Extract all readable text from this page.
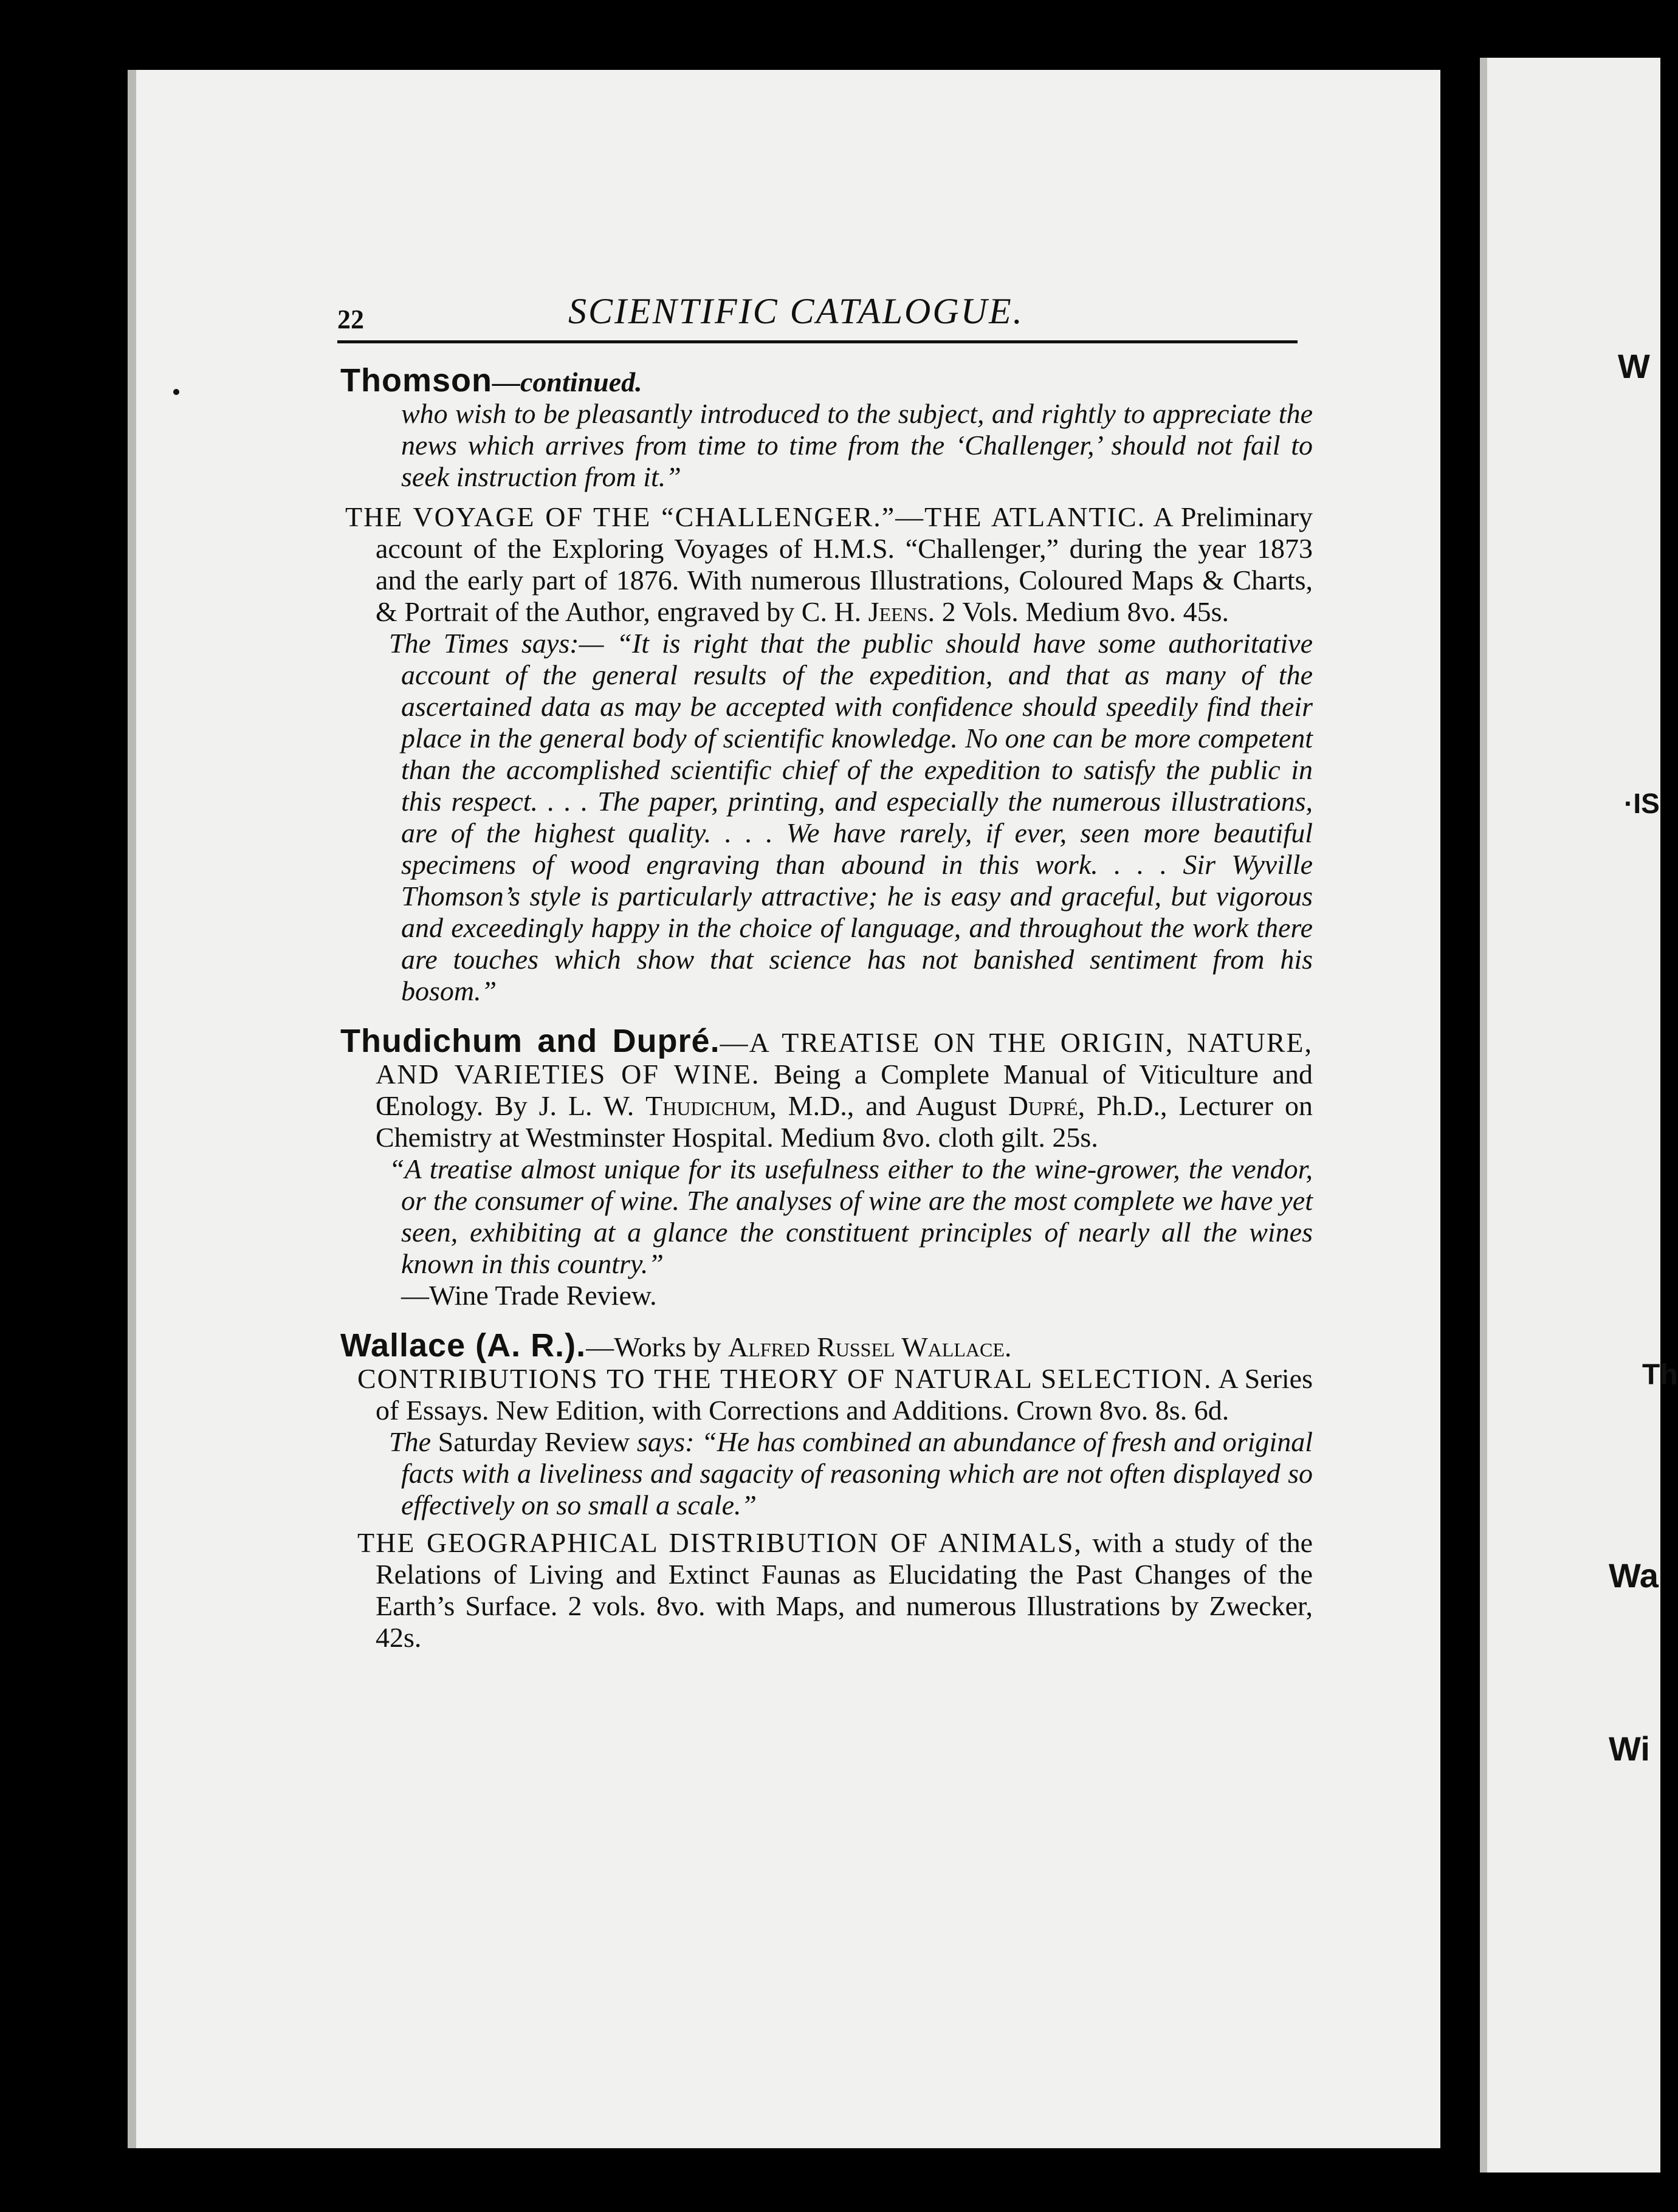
W
·IS
Th
Wa
Wi
22	SCIENTIFIC CATALOGUE.

Thomson—continued.

who wish to be pleasantly introduced to the subject, and rightly to appreciate the news which arrives from time to time from the ‘Challenger,’ should not fail to seek instruction from it.”

THE VOYAGE OF THE “CHALLENGER.”—THE ATLANTIC. A Preliminary account of the Exploring Voyages of H.M.S. “Challenger,” during the year 1873 and the early part of 1876. With numerous Illustrations, Coloured Maps & Charts, & Portrait of the Author, engraved by C. H. Jeens. 2 Vols. Medium 8vo. 45s.

The Times says:— “It is right that the public should have some authoritative account of the general results of the expedition, and that as many of the ascertained data as may be accepted with confidence should speedily find their place in the general body of scientific knowledge. No one can be more competent than the accomplished scientific chief of the expedition to satisfy the public in this respect. . . . The paper, printing, and especially the numerous illustrations, are of the highest quality. . . . We have rarely, if ever, seen more beautiful specimens of wood engraving than abound in this work. . . . Sir Wyville Thomson’s style is particularly attractive; he is easy and graceful, but vigorous and exceedingly happy in the choice of language, and throughout the work there are touches which show that science has not banished sentiment from his bosom.”

Thudichum and Dupré.—A TREATISE ON THE ORIGIN, NATURE, AND VARIETIES OF WINE. Being a Complete Manual of Viticulture and Œnology. By J. L. W. Thudichum, M.D., and August Dupré, Ph.D., Lecturer on Chemistry at Westminster Hospital. Medium 8vo. cloth gilt. 25s.

“A treatise almost unique for its usefulness either to the wine-grower, the vendor, or the consumer of wine. The analyses of wine are the most complete we have yet seen, exhibiting at a glance the constituent principles of nearly all the wines known in this country.”

—Wine Trade Review.

Wallace (A. R.).—Works by Alfred Russel Wallace.

CONTRIBUTIONS TO THE THEORY OF NATURAL SELECTION. A Series of Essays. New Edition, with Corrections and Additions. Crown 8vo. 8s. 6d.

The Saturday Review says: “He has combined an abundance of fresh and original facts with a liveliness and sagacity of reasoning which are not often displayed so effectively on so small a scale.”

THE GEOGRAPHICAL DISTRIBUTION OF ANIMALS, with a study of the Relations of Living and Extinct Faunas as Elucidating the Past Changes of the Earth’s Surface. 2 vols. 8vo. with Maps, and numerous Illustrations by Zwecker, 42s.
